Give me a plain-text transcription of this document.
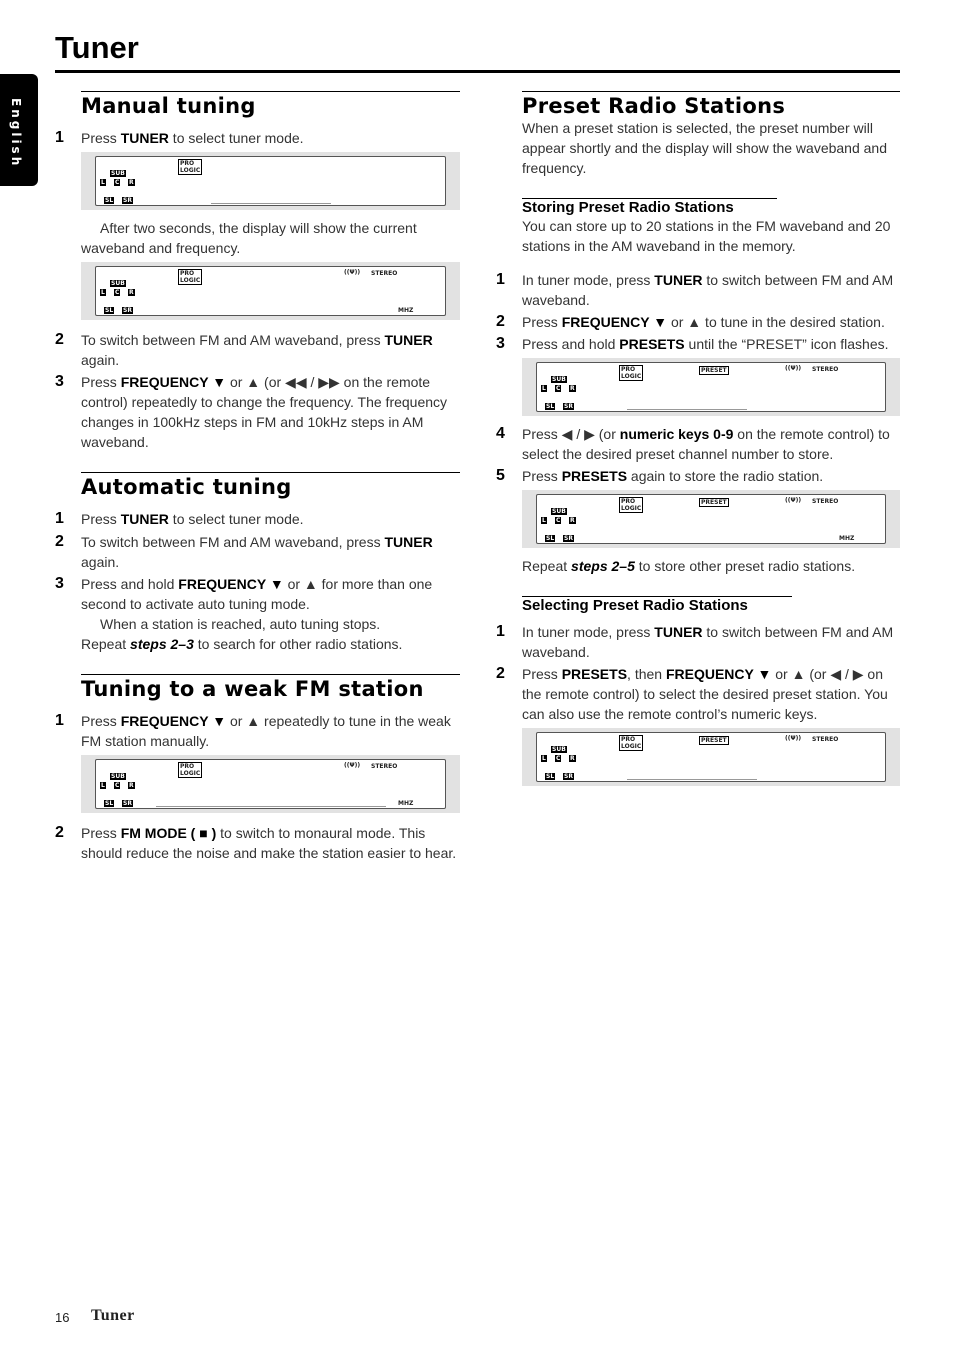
Tuner
English	Manual tuning
1 Press TUNER to select tuner mode.
PRO
LOGIC
SUB
L C R
SL SR
After two seconds, the display will show the current waveband and frequency.
PRO
LOGIC
((Ψ)) STEREO
SUB
L C R
SL SR	MHZ
2 To switch between FM and AM waveband, press TUNER again.
3 Press FREQUENCY ▼ or ▲ (or ◀◀ / ▶▶ on the remote control) repeatedly to change the frequency. The frequency changes in 100kHz steps in FM and 10kHz steps in AM waveband.
Automatic tuning
1 Press TUNER to select tuner mode.
2 To switch between FM and AM waveband, press TUNER again.
3 Press and hold FREQUENCY ▼ or ▲ for more than one second to activate auto tuning mode.
When a station is reached, auto tuning stops.
Repeat steps 2–3 to search for other radio stations.
Tuning to a weak FM station
1 Press FREQUENCY ▼ or ▲ repeatedly to tune in the weak FM station manually.
PRO
LOGIC
((Ψ)) STEREO
SUB
L C R
SL SR	MHZ
2 Press FM MODE ( ■ ) to switch to monaural mode. This should reduce the noise and make the station easier to hear.
Preset Radio Stations
When a preset station is selected, the preset number will appear shortly and the display will show the waveband and frequency.
Storing Preset Radio Stations
You can store up to 20 stations in the FM waveband and 20 stations in the AM waveband in the memory.
1 In tuner mode, press TUNER to switch between FM and AM waveband.
2 Press FREQUENCY ▼ or ▲ to tune in the desired station.
3 Press and hold PRESETS until the “PRESET” icon flashes.
PRO
LOGIC
PRESET	((Ψ)) STEREO
SUB
L C R
SL SR
4 Press ◀ / ▶ (or numeric keys 0-9 on the remote control) to select the desired preset channel number to store.
5 Press PRESETS again to store the radio station.
PRO
LOGIC
PRESET	((Ψ)) STEREO
SUB
L C R
SL SR	MHZ
Repeat steps 2–5 to store other preset radio stations.
Selecting Preset Radio Stations
1 In tuner mode, press TUNER to switch between FM and AM waveband.
2 Press PRESETS, then FREQUENCY ▼ or ▲ (or ◀ / ▶ on the remote control) to select the desired preset station. You can also use the remote control’s numeric keys.
PRO
LOGIC
PRESET	((Ψ)) STEREO
SUB
L C R
SL SR
16 Tuner
